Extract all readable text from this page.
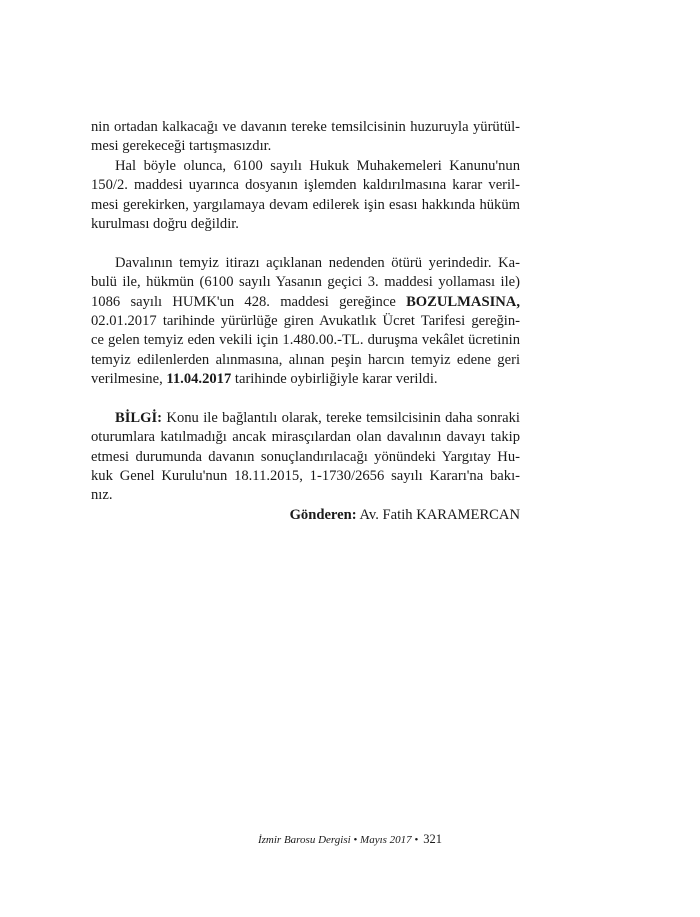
nin ortadan kalkacağı ve davanın tereke temsilcisinin huzuruyla yürütül-
mesi gerekeceği tartışmasızdır.
Hal böyle olunca, 6100 sayılı Hukuk Muhakemeleri Kanunu'nun
150/2. maddesi uyarınca dosyanın işlemden kaldırılmasına karar veril-
mesi gerekirken, yargılamaya devam edilerek işin esası hakkında hüküm
kurulması doğru değildir.
Davalının temyiz itirazı açıklanan nedenden ötürü yerindedir. Ka-
bulü ile, hükmün (6100 sayılı Yasanın geçici 3. maddesi yollaması ile)
1086 sayılı HUMK'un 428. maddesi gereğince BOZULMASINA,
02.01.2017 tarihinde yürürlüğe giren Avukatlık Ücret Tarifesi gereğin-
ce gelen temyiz eden vekili için 1.480.00.-TL. duruşma vekâlet ücretinin
temyiz edilenlerden alınmasına, alınan peşin harcın temyiz edene geri
verilmesine, 11.04.2017 tarihinde oybirliğiyle karar verildi.
BİLGİ: Konu ile bağlantılı olarak, tereke temsilcisinin daha sonraki
oturumlara katılmadığı ancak mirasçılardan olan davalının davayı takip
etmesi durumunda davanın sonuçlandırılacağı yönündeki Yargıtay Hu-
kuk Genel Kurulu'nun 18.11.2015, 1-1730/2656 sayılı Kararı'na bakı-
nız.
Gönderen: Av. Fatih KARAMERCAN
İzmir Barosu Dergisi • Mayıs 2017 • 321
